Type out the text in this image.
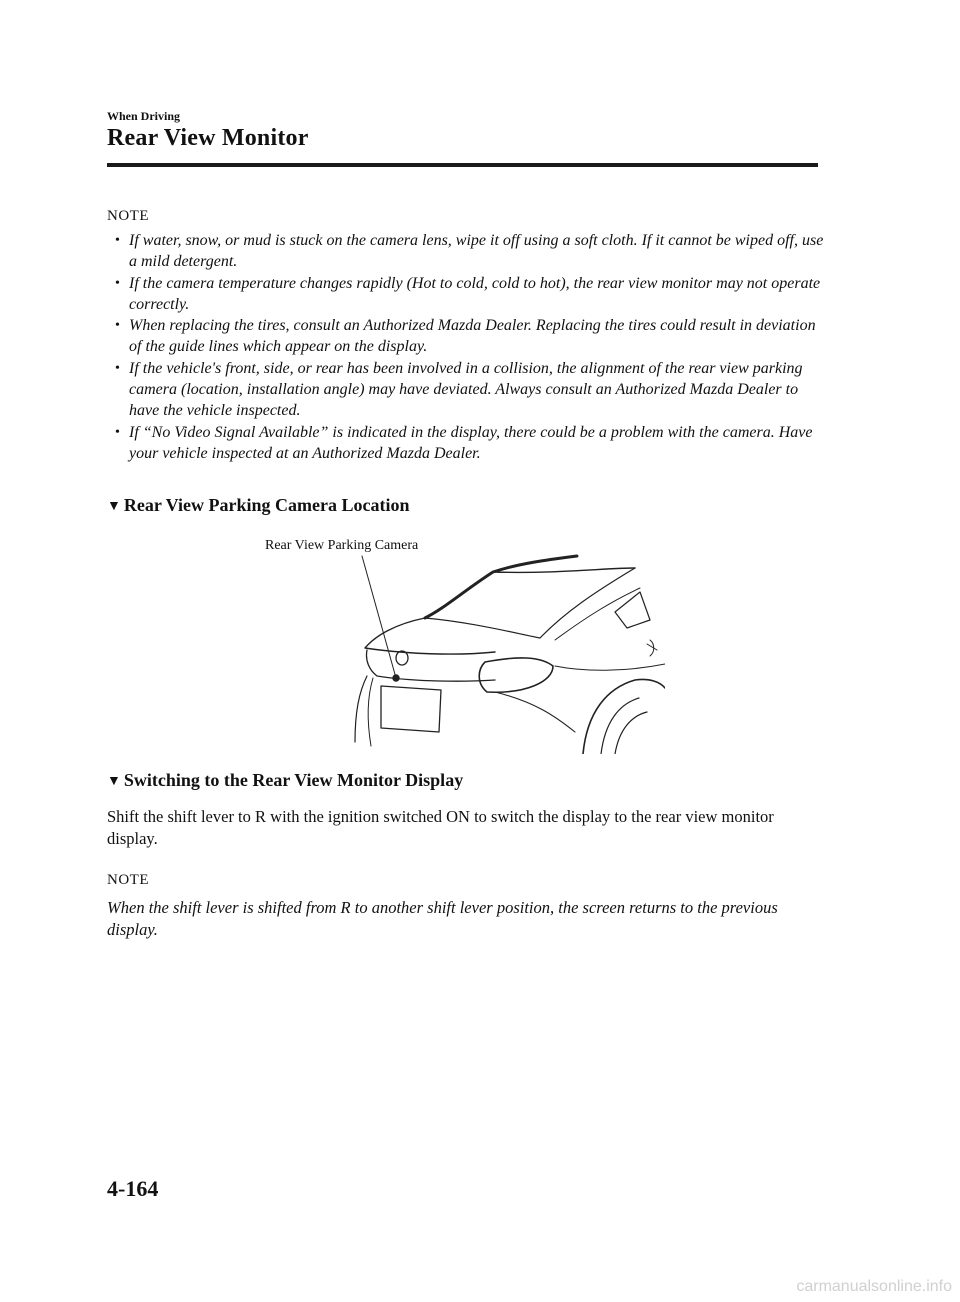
When Driving
Rear View Monitor
NOTE
• If water, snow, or mud is stuck on the camera lens, wipe it off using a soft cloth. If it cannot be wiped off, use a mild detergent.
• If the camera temperature changes rapidly (Hot to cold, cold to hot), the rear view monitor may not operate correctly.
• When replacing the tires, consult an Authorized Mazda Dealer. Replacing the tires could result in deviation of the guide lines which appear on the display.
• If the vehicle's front, side, or rear has been involved in a collision, the alignment of the rear view parking camera (location, installation angle) may have deviated. Always consult an Authorized Mazda Dealer to have the vehicle inspected.
• If “No Video Signal Available” is indicated in the display, there could be a problem with the camera. Have your vehicle inspected at an Authorized Mazda Dealer.
▼ Rear View Parking Camera Location
Rear View Parking Camera
▼ Switching to the Rear View Monitor Display

Shift the shift lever to R with the ignition switched ON to switch the display to the rear view monitor display.

NOTE

When the shift lever is shifted from R to another shift lever position, the screen returns to the previous display.

4-164
carmanualsonline.info
